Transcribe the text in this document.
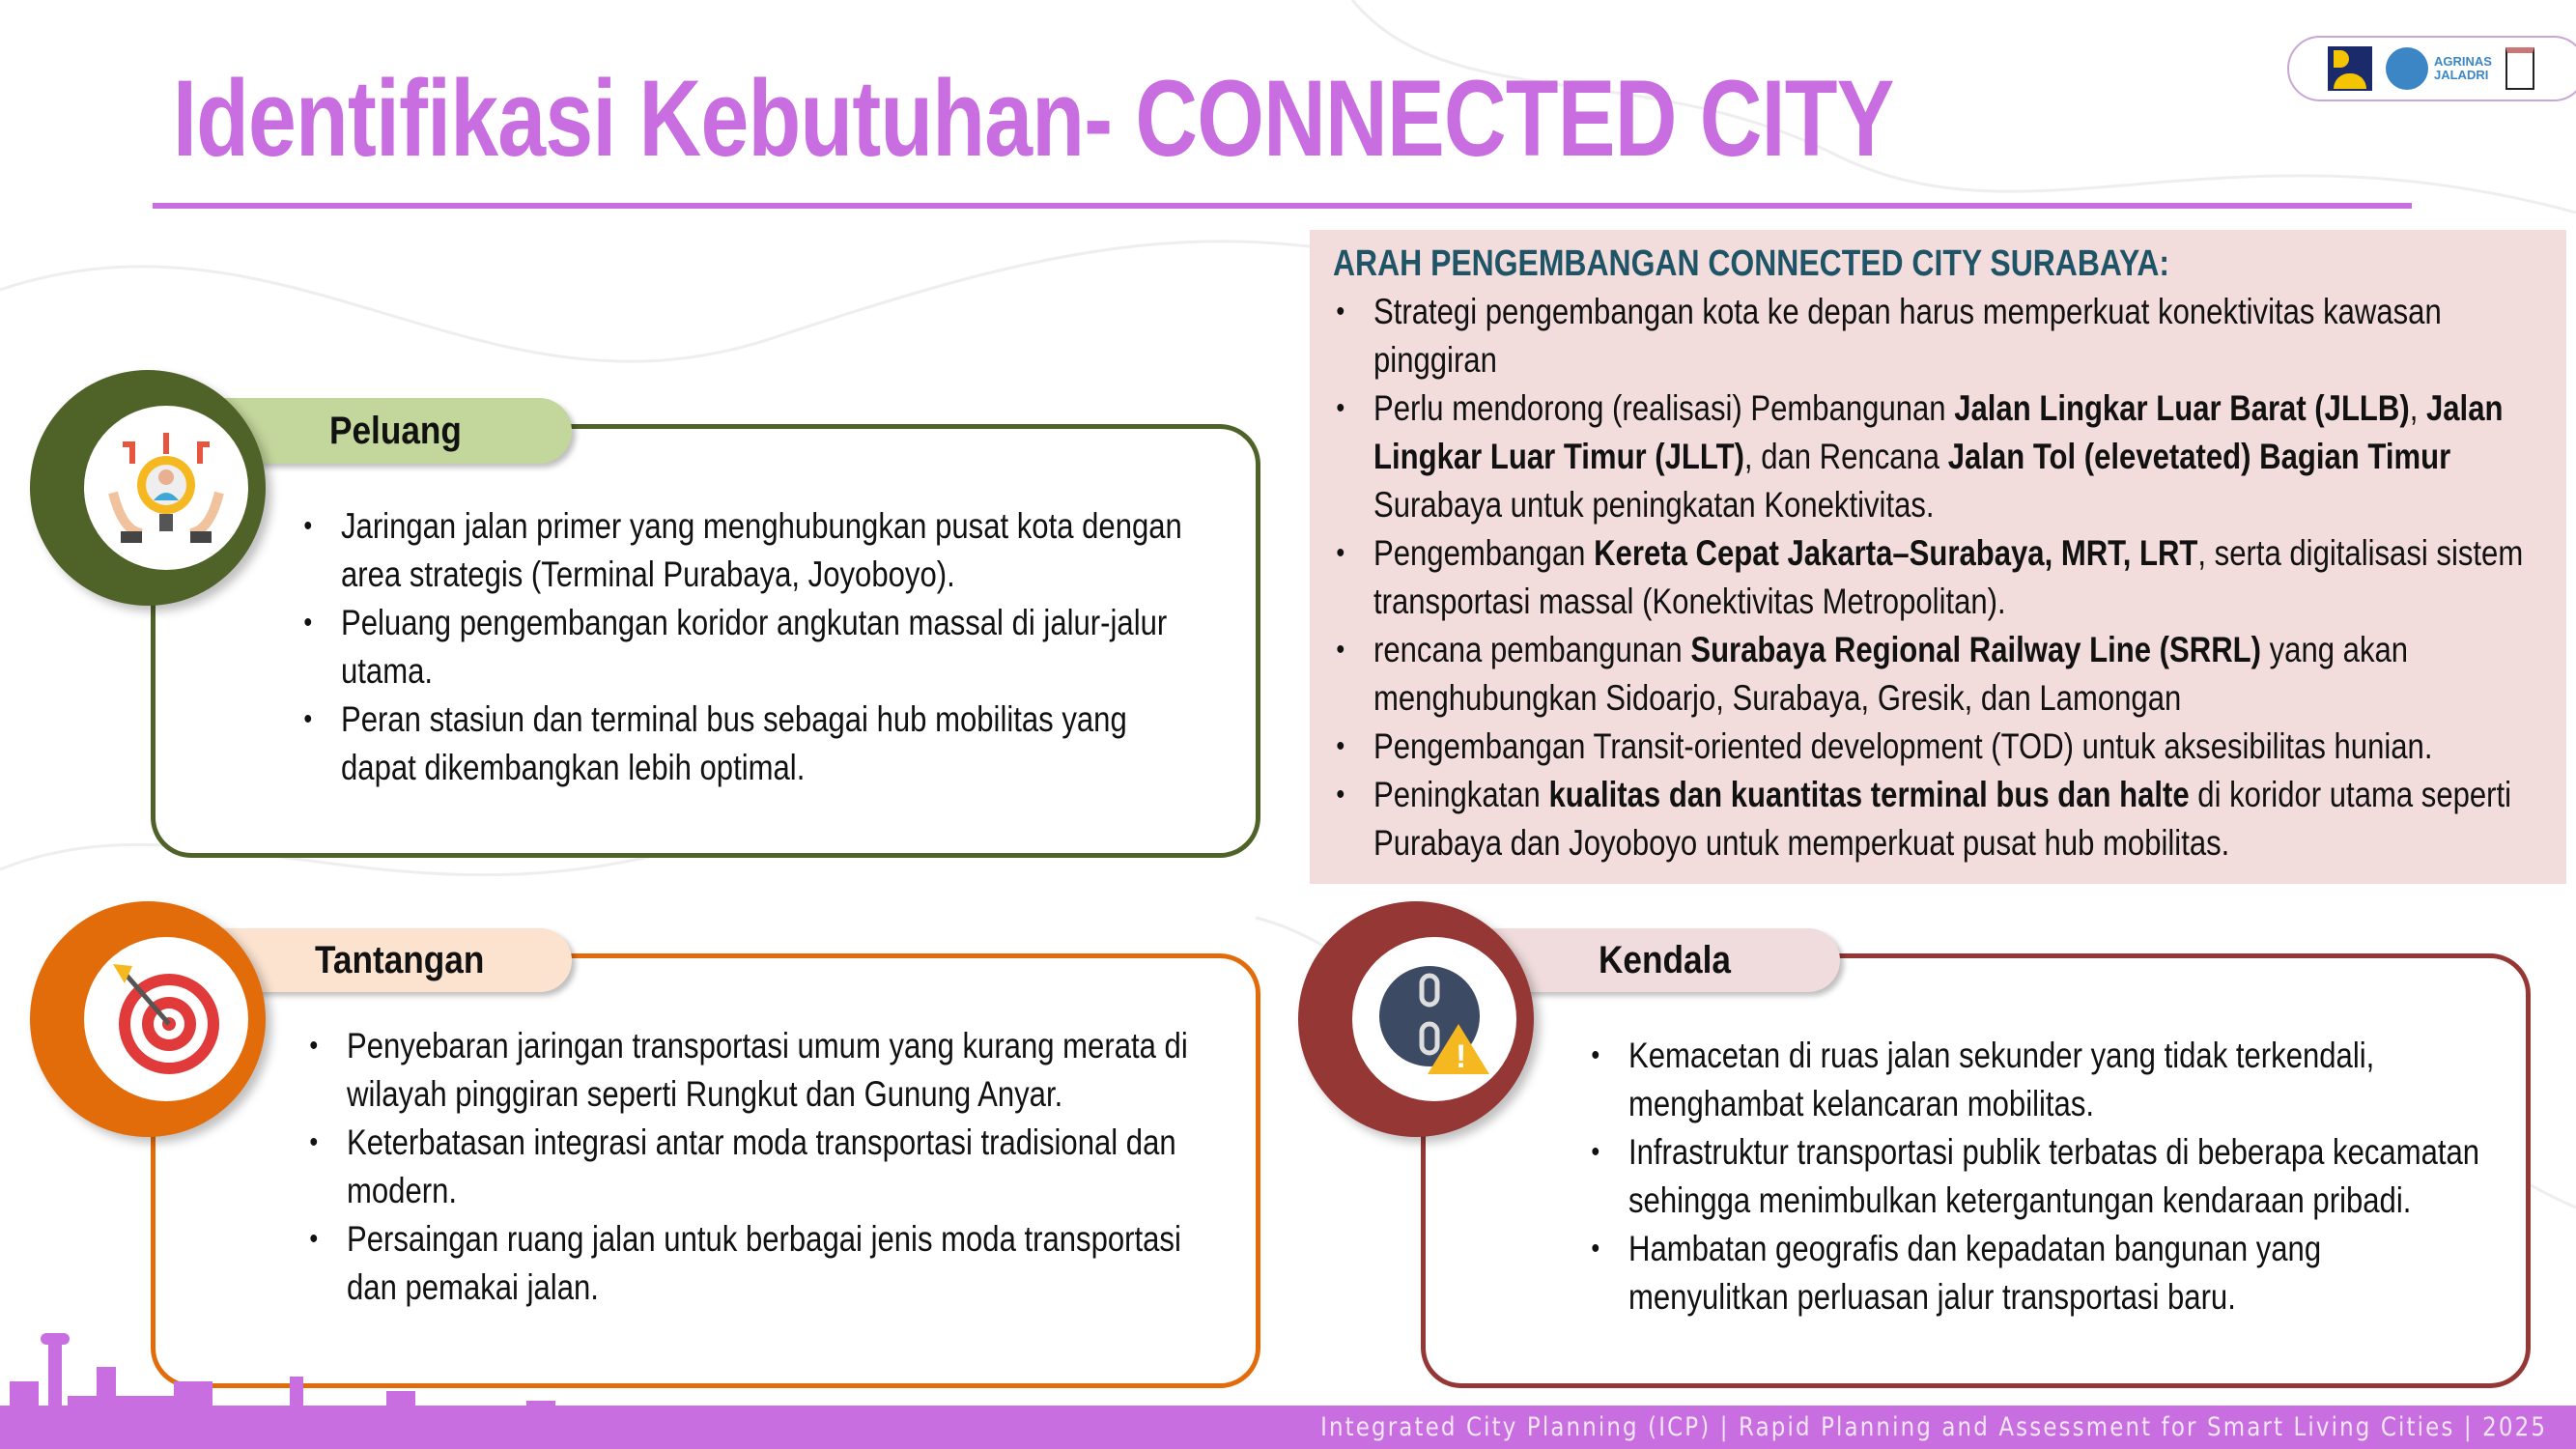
Identifikasi Kebutuhan- CONNECTED CITY	AGRINAS
JALADRI
ARAH PENGEMBANGAN CONNECTED CITY SURABAYA:
• Strategi pengembangan kota ke depan harus memperkuat konektivitas kawasan pinggiran
• Perlu mendorong (realisasi) Pembangunan Jalan Lingkar Luar Barat (JLLB), Jalan Lingkar Luar Timur (JLLT), dan Rencana Jalan Tol (elevetated) Bagian Timur Surabaya untuk peningkatan Konektivitas.
• Pengembangan Kereta Cepat Jakarta–Surabaya, MRT, LRT, serta digitalisasi sistem transportasi massal (Konektivitas Metropolitan).
• rencana pembangunan Surabaya Regional Railway Line (SRRL) yang akan menghubungkan Sidoarjo, Surabaya, Gresik, dan Lamongan
• Pengembangan Transit-oriented development (TOD) untuk aksesibilitas hunian.
• Peningkatan kualitas dan kuantitas terminal bus dan halte di koridor utama seperti Purabaya dan Joyoboyo untuk memperkuat pusat hub mobilitas.
• Jaringan jalan primer yang menghubungkan pusat kota dengan area strategis (Terminal Purabaya, Joyoboyo).
• Peluang pengembangan koridor angkutan massal di jalur-jalur utama.
• Peran stasiun dan terminal bus sebagai hub mobilitas yang dapat dikembangkan lebih optimal.
Peluang
• Penyebaran jaringan transportasi umum yang kurang merata di wilayah pinggiran seperti Rungkut dan Gunung Anyar.
• Keterbatasan integrasi antar moda transportasi tradisional dan modern.
• Persaingan ruang jalan untuk berbagai jenis moda transportasi dan pemakai jalan.
Tantangan
• Kemacetan di ruas jalan sekunder yang tidak terkendali, menghambat kelancaran mobilitas.
• Infrastruktur transportasi publik terbatas di beberapa kecamatan sehingga menimbulkan ketergantungan kendaraan pribadi.
• Hambatan geografis dan kepadatan bangunan yang menyulitkan perluasan jalur transportasi baru.
Kendala
!
Integrated City Planning (ICP) | Rapid Planning and Assessment for Smart Living Cities | 2025
